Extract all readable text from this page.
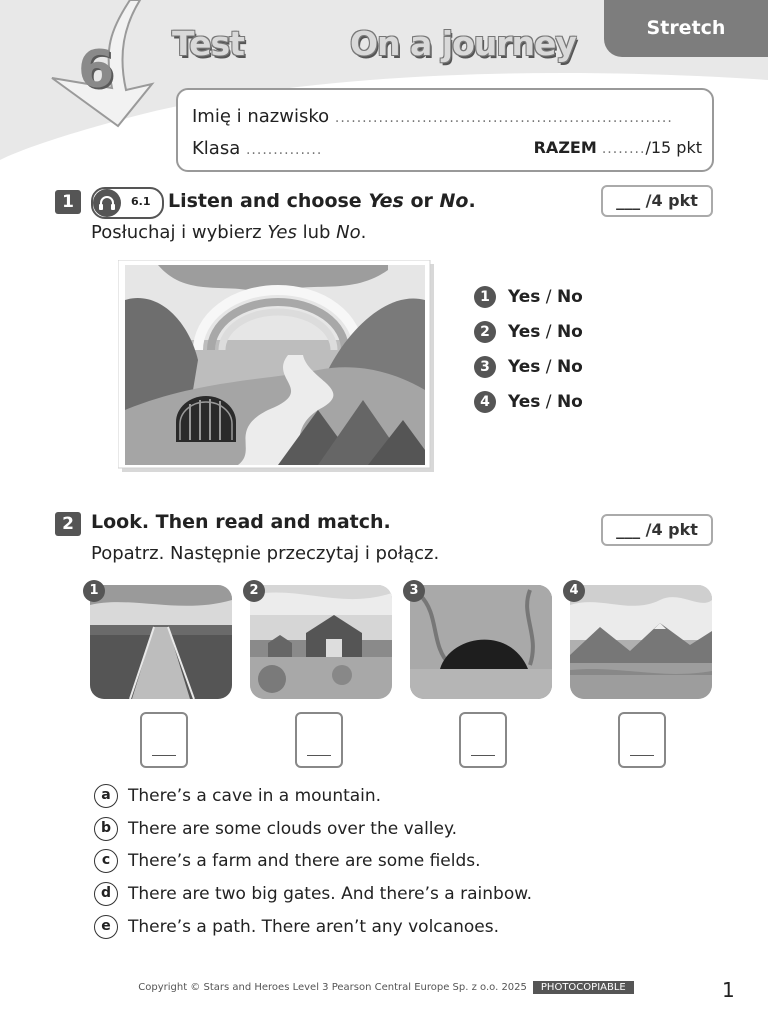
6 Test	On a journey	Stretch
Imię i nazwisko ..............................................................
Klasa ..............	RAZEM ......../15 pkt
1	6.1 Listen and choose Yes or No.
Posłuchaj i wybierz Yes lub No.
___ /4 pkt
1 Yes / No
2 Yes / No
3 Yes / No
4 Yes / No
2 Look. Then read and match.
Popatrz. Następnie przeczytaj i połącz.
___ /4 pkt
1	2	3	4
a There’s a cave in a mountain.
b There are some clouds over the valley.
c There’s a farm and there are some fields.
d There are two big gates. And there’s a rainbow.
e There’s a path. There aren’t any volcanoes.
Copyright © Stars and Heroes Level 3 Pearson Central Europe Sp. z o.o. 2025 PHOTOCOPIABLE	1
